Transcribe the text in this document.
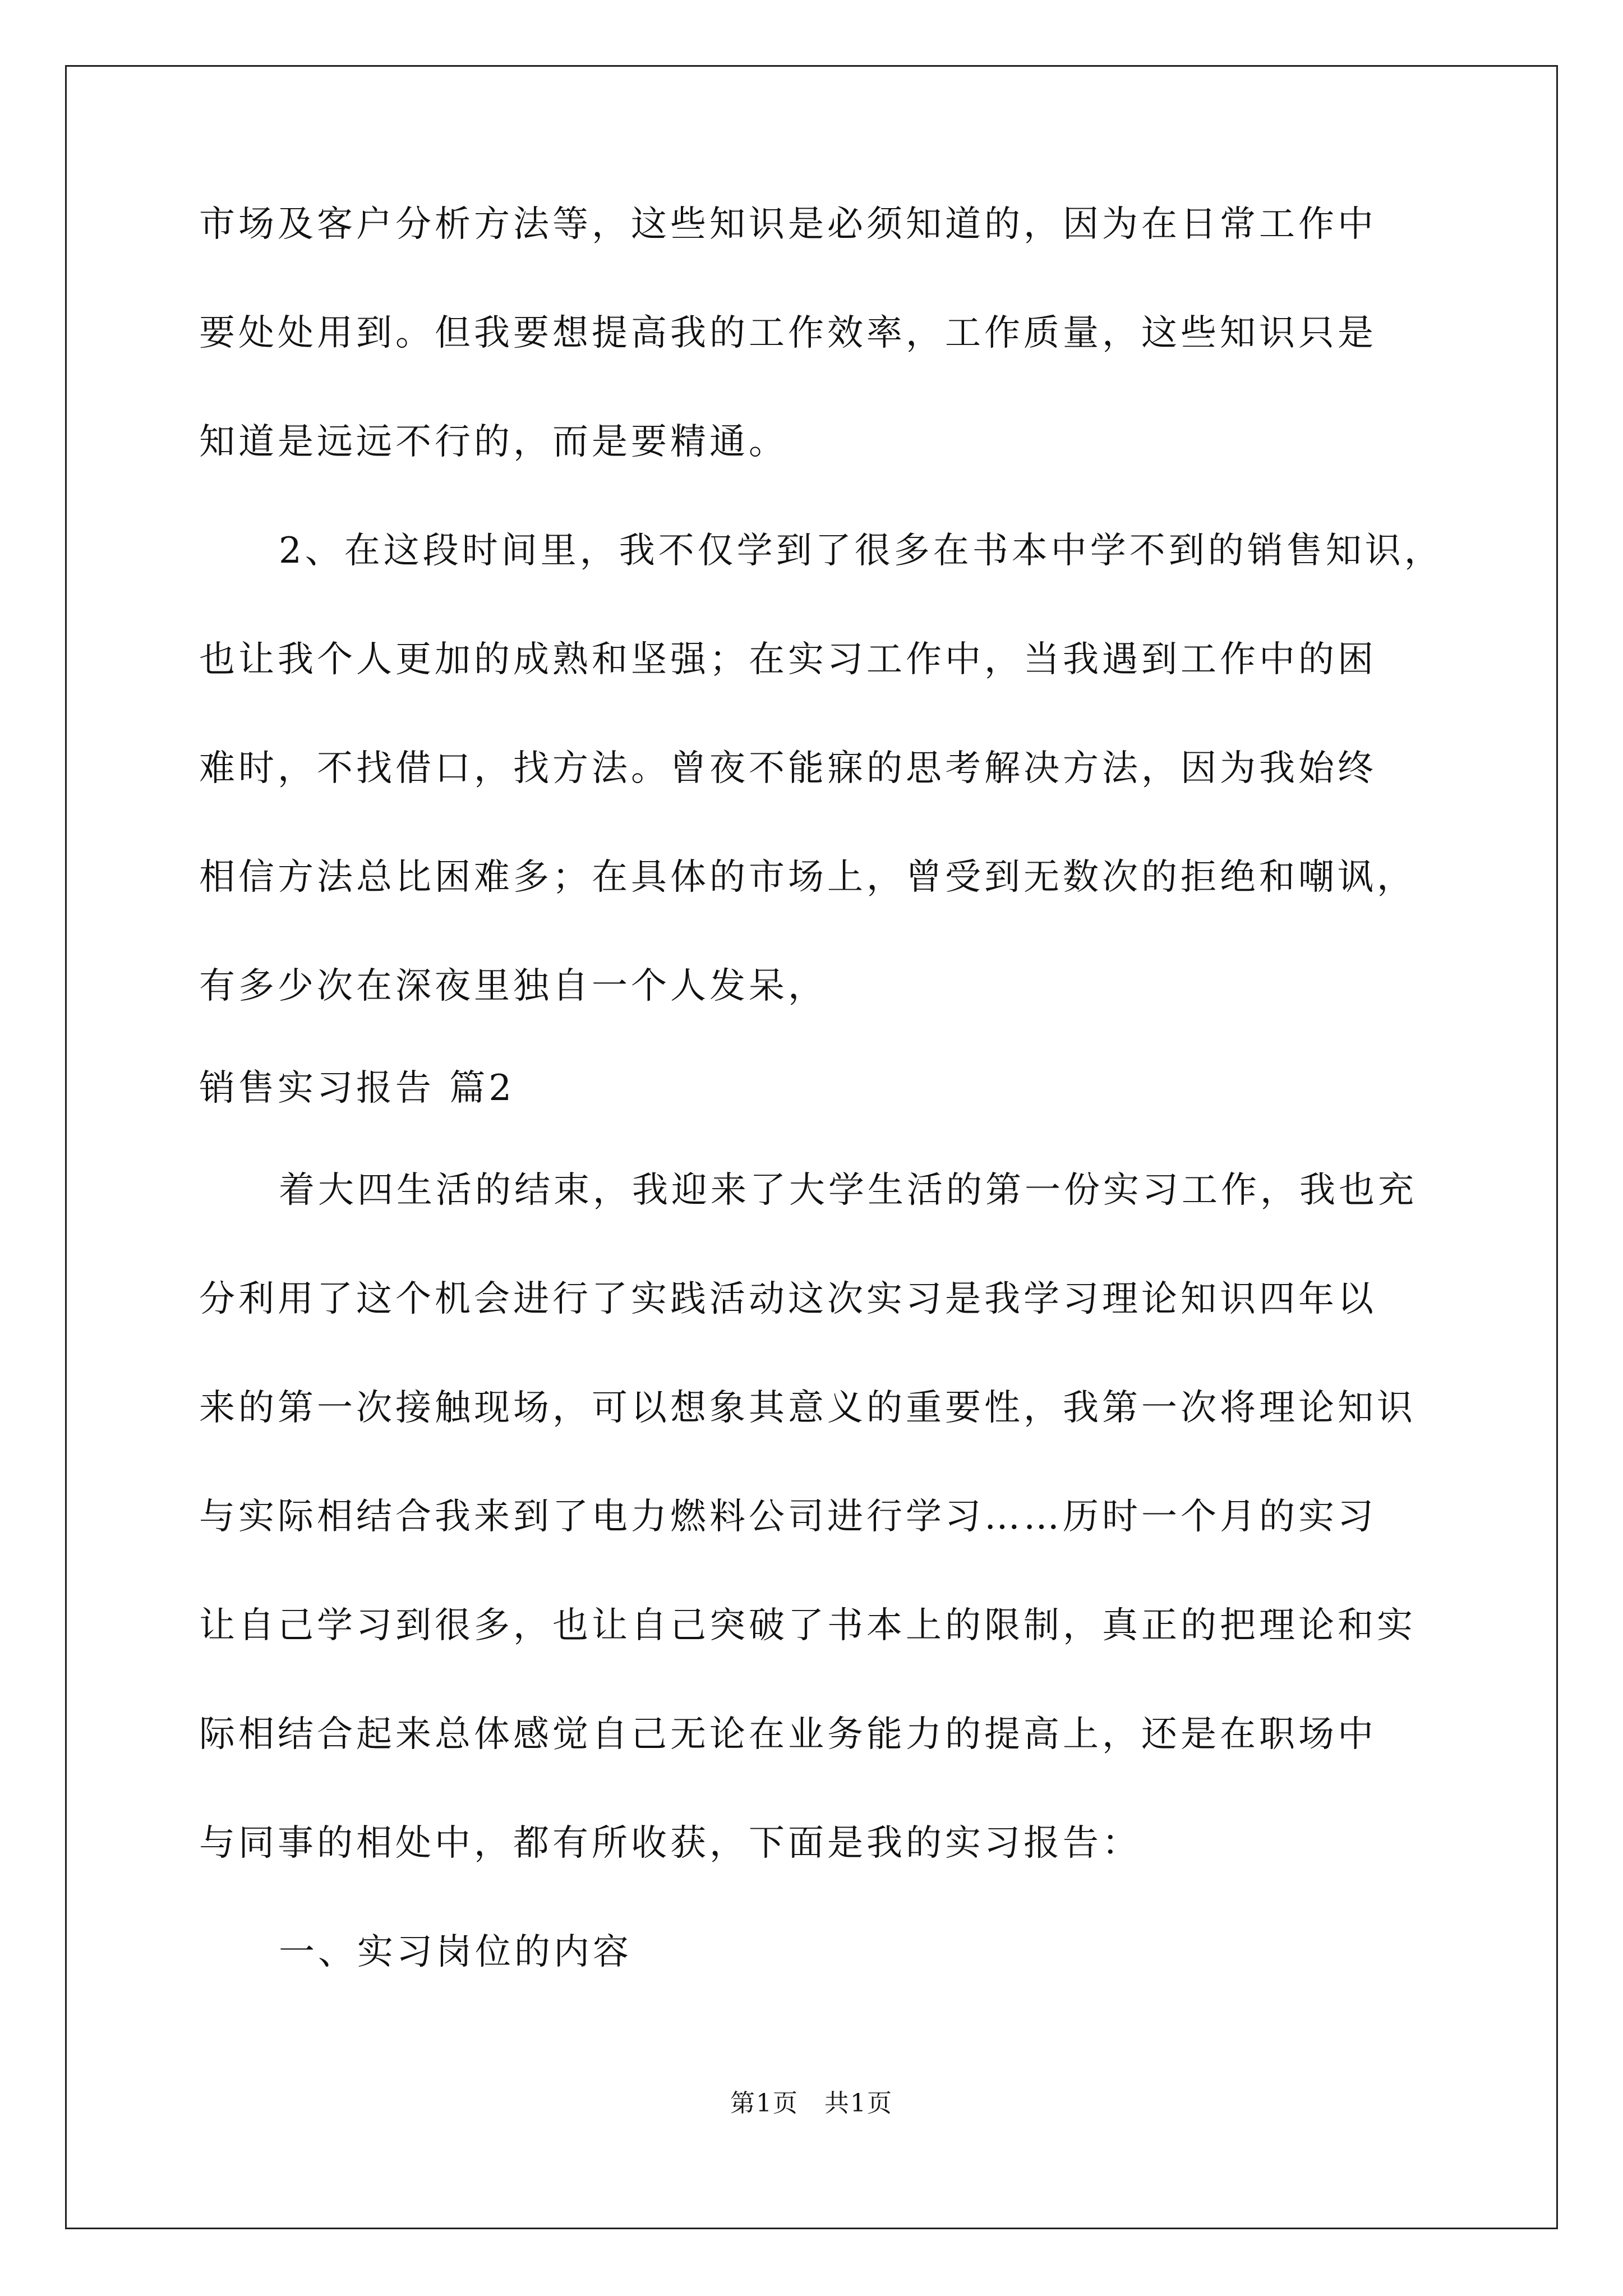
市场及客户分析方法等，这些知识是必须知道的，因为在日常工作中
要处处用到。但我要想提高我的工作效率，工作质量，这些知识只是
知道是远远不行的，而是要精通。
2、在这段时间里，我不仅学到了很多在书本中学不到的销售知识，
也让我个人更加的成熟和坚强；在实习工作中，当我遇到工作中的困
难时，不找借口，找方法。曾夜不能寐的思考解决方法，因为我始终
相信方法总比困难多；在具体的市场上，曾受到无数次的拒绝和嘲讽，
有多少次在深夜里独自一个人发呆，
销售实习报告 篇2
着大四生活的结束，我迎来了大学生活的第一份实习工作，我也充
分利用了这个机会进行了实践活动这次实习是我学习理论知识四年以
来的第一次接触现场，可以想象其意义的重要性，我第一次将理论知识
与实际相结合我来到了电力燃料公司进行学习……历时一个月的实习
让自己学习到很多，也让自己突破了书本上的限制，真正的把理论和实
际相结合起来总体感觉自己无论在业务能力的提高上，还是在职场中
与同事的相处中，都有所收获，下面是我的实习报告：
一、实习岗位的内容
第1页　共1页
